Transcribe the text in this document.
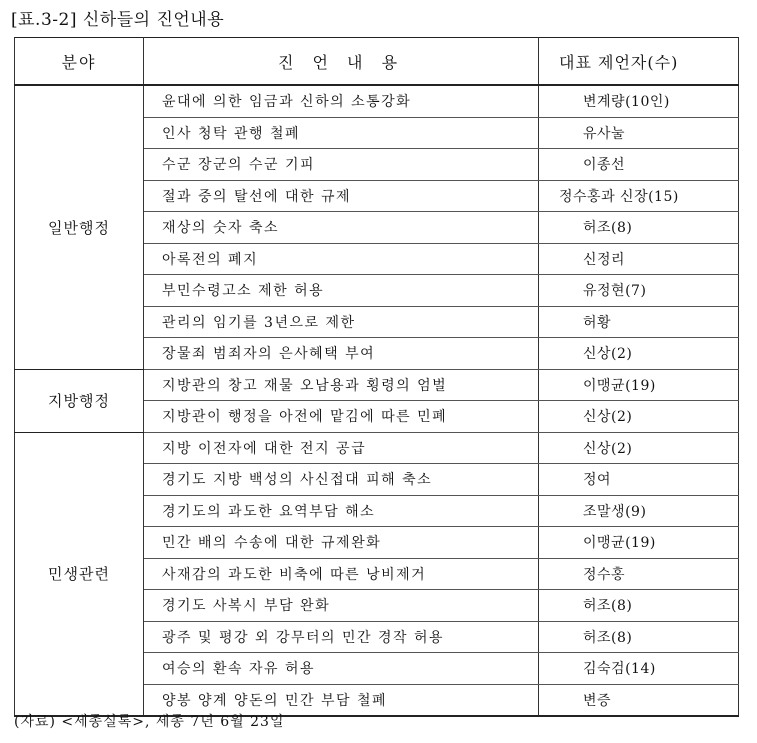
[표.3-2] 신하들의 진언내용
분야	진 언 내 용	대표 제언자(수)
일반행정	윤대에 의한 임금과 신하의 소통강화	변계량(10인)
	인사 청탁 관행 철폐	유사눌
	수군 장군의 수군 기피	이종선
	절과 중의 탈선에 대한 규제	정수홍과 신장(15)
	재상의 숫자 축소	허조(8)
	아록전의 폐지	신정리
	부민수령고소 제한 허용	유정현(7)
	관리의 임기를 3년으로 제한	허황
	장물죄 범죄자의 은사혜택 부여	신상(2)
지방행정	지방관의 창고 재물 오남용과 횡령의 엄벌	이맹균(19)
	지방관이 행정을 아전에 맡김에 따른 민폐	신상(2)
민생관련	지방 이전자에 대한 전지 공급	신상(2)
	경기도 지방 백성의 사신접대 피해 축소	정여
	경기도의 과도한 요역부담 해소	조말생(9)
	민간 배의 수송에 대한 규제완화	이맹균(19)
	사재감의 과도한 비축에 따른 낭비제거	정수홍
	경기도 사복시 부담 완화	허조(8)
	광주 및 평강 외 강무터의 민간 경작 허용	허조(8)
	여승의 환속 자유 허용	김숙검(14)
	양봉 양계 양돈의 민간 부담 철폐	변증
(자료) <세종실록>, 세종 7년 6월 23일
